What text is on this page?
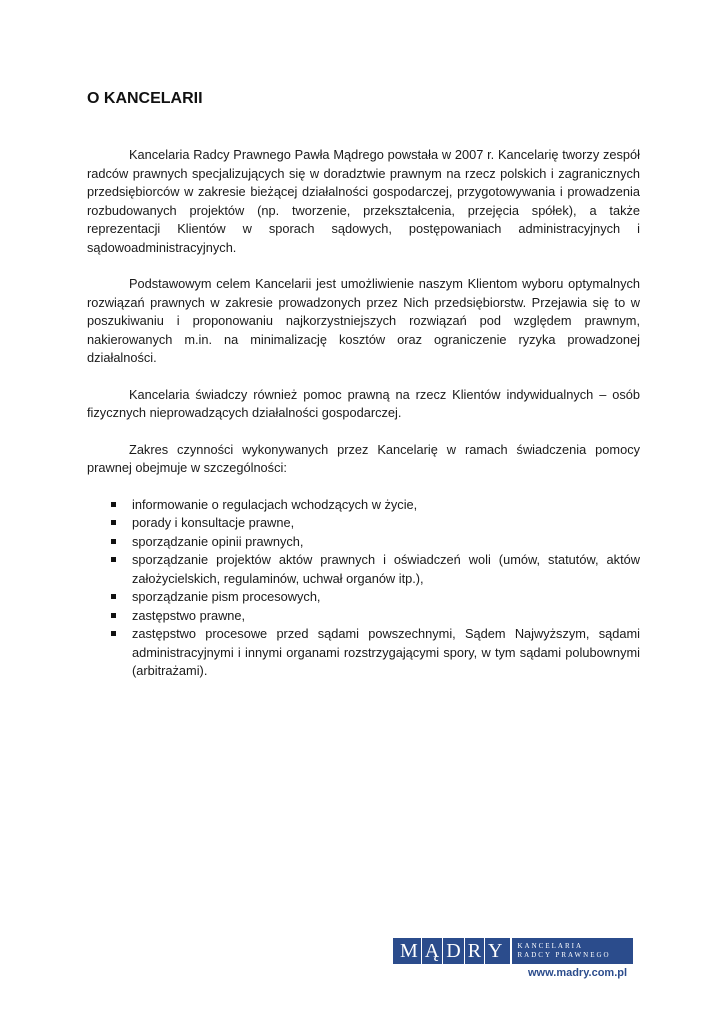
O KANCELARII

Kancelaria Radcy Prawnego Pawła Mądrego powstała w 2007 r. Kancelarię tworzy zespół radców prawnych specjalizujących się w doradztwie prawnym na rzecz polskich i zagranicznych przedsiębiorców w zakresie bieżącej działalności gospodarczej, przygotowywania i prowadzenia rozbudowanych projektów (np. tworzenie, przekształcenia, przejęcia spółek), a także reprezentacji Klientów w sporach sądowych, postępowaniach administracyjnych i sądowoadministracyjnych.

Podstawowym celem Kancelarii jest umożliwienie naszym Klientom wyboru optymalnych rozwiązań prawnych w zakresie prowadzonych przez Nich przedsiębiorstw. Przejawia się to w poszukiwaniu i proponowaniu najkorzystniejszych rozwiązań pod względem prawnym, nakierowanych m.in. na minimalizację kosztów oraz ograniczenie ryzyka prowadzonej działalności.

Kancelaria świadczy również pomoc prawną na rzecz Klientów indywidualnych – osób fizycznych nieprowadzących działalności gospodarczej.

Zakres czynności wykonywanych przez Kancelarię w ramach świadczenia pomocy prawnej obejmuje w szczególności:

informowanie o regulacjach wchodzących w życie,
porady i konsultacje prawne,
sporządzanie opinii prawnych,
sporządzanie projektów aktów prawnych i oświadczeń woli (umów, statutów, aktów założycielskich, regulaminów, uchwał organów itp.),
sporządzanie pism procesowych,
zastępstwo prawne,
zastępstwo procesowe przed sądami powszechnymi, Sądem Najwyższym, sądami administracyjnymi i innymi organami rozstrzygającymi spory, w tym sądami polubownymi (arbitrażami).
M Ą D R Y	KANCELARIA
RADCY PRAWNEGO
www.madry.com.pl
